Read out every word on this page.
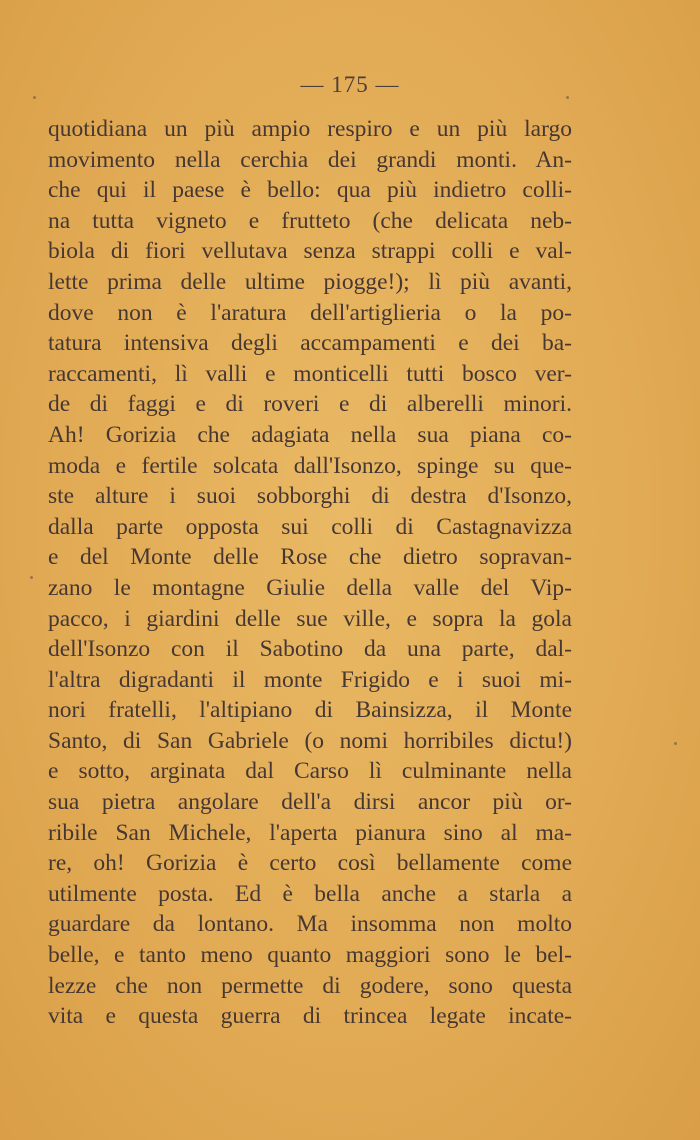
— 175 —
quotidiana un più ampio respiro e un più largo
movimento nella cerchia dei grandi monti. An-
che qui il paese è bello: qua più indietro colli-
na tutta vigneto e frutteto (che delicata neb-
biola di fiori vellutava senza strappi colli e val-
lette prima delle ultime piogge!); lì più avanti,
dove non è l'aratura dell'artiglieria o la po-
tatura intensiva degli accampamenti e dei ba-
raccamenti, lì valli e monticelli tutti bosco ver-
de di faggi e di roveri e di alberelli minori.
Ah! Gorizia che adagiata nella sua piana co-
moda e fertile solcata dall'Isonzo, spinge su que-
ste alture i suoi sobborghi di destra d'Isonzo,
dalla parte opposta sui colli di Castagnavizza
e del Monte delle Rose che dietro sopravan-
zano le montagne Giulie della valle del Vip-
pacco, i giardini delle sue ville, e sopra la gola
dell'Isonzo con il Sabotino da una parte, dal-
l'altra digradanti il monte Frigido e i suoi mi-
nori fratelli, l'altipiano di Bainsizza, il Monte
Santo, di San Gabriele (o nomi horribiles dictu!)
e sotto, arginata dal Carso lì culminante nella
sua pietra angolare dell'a dirsi ancor più or-
ribile San Michele, l'aperta pianura sino al ma-
re, oh! Gorizia è certo così bellamente come
utilmente posta. Ed è bella anche a starla a
guardare da lontano. Ma insomma non molto
belle, e tanto meno quanto maggiori sono le bel-
lezze che non permette di godere, sono questa
vita e questa guerra di trincea legate incate-
